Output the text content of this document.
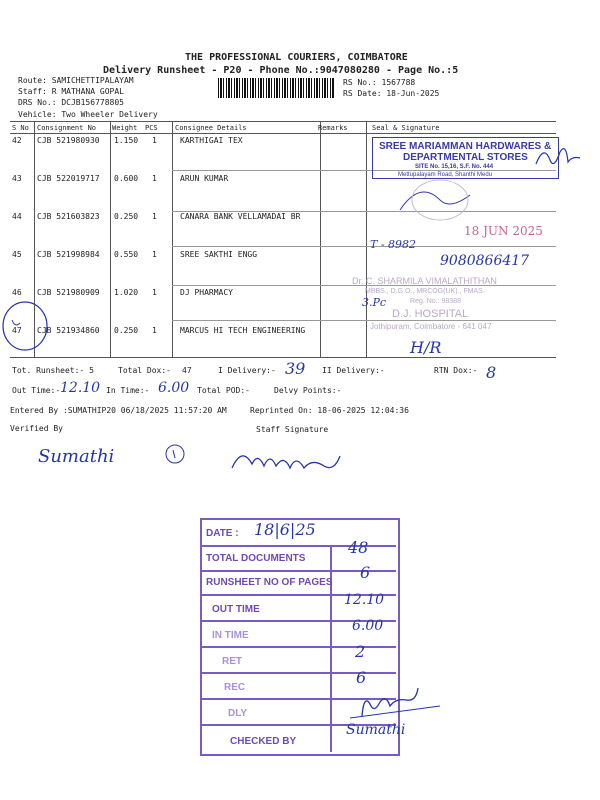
THE PROFESSIONAL COURIERS, COIMBATORE
Delivery Runsheet - P20 - Phone No.:9047080280 - Page No.:5
Route: SAMICHETTIPALAYAM
Staff: R MATHANA GOPAL
DRS No.: DCJB156778805
Vehicle: Two Wheeler Delivery
RS No.: 1567788
RS Date: 18-Jun-2025
S No Consignment No Weight PCS Consignee Details	Remarks	Seal & Signature
42 CJB 521980930 1.150 1	KARTHIGAI TEX
43 CJB 522019717 0.600 1	ARUN KUMAR
44 CJB 521603823 0.250 1	CANARA BANK VELLAMADAI BR
45 CJB 521998984 0.550 1	SREE SAKTHI ENGG
46 CJB 521980909 1.020 1	DJ PHARMACY
47 CJB 521934860 0.250 1	MARCUS HI TECH ENGINEERING
SREE MARIAMMAN HARDWARES &
DEPARTMENTAL STORES
SITE No. 15,16, S.F. No. 444
Mettupalayam Road, Shanthi Medu
18 JUN 2025
T - 8982
9080866417
Dr. C. SHARMILA VIMALATHITHAN
MBBS., D.G.O., MRCOG(UK)., FMAS.
Reg. No.: 98388
D.J. HOSPITAL
Jothipuram, Coimbatore - 641 047
3.Pc
H/R
Tot. Runsheet:- 5	Total Dox:- 47	I Delivery:- 39 II Delivery:-	RTN Dox:- 8
Out Time:- 12.10 In Time:- 6.00 Total POD:-	Delvy Points:-
Entered By :SUMATHIP20 06/18/2025 11:57:20 AM	Reprinted On: 18-06-2025 12:04:36
Verified By	Staff Signature
Sumathi
DATE : 18|6|25
TOTAL DOCUMENTS
48
RUNSHEET NO OF PAGES
6
OUT TIME
12.10
IN TIME
6.00
RET
2
REC
6
DLY
CHECKED BY
Sumathi
